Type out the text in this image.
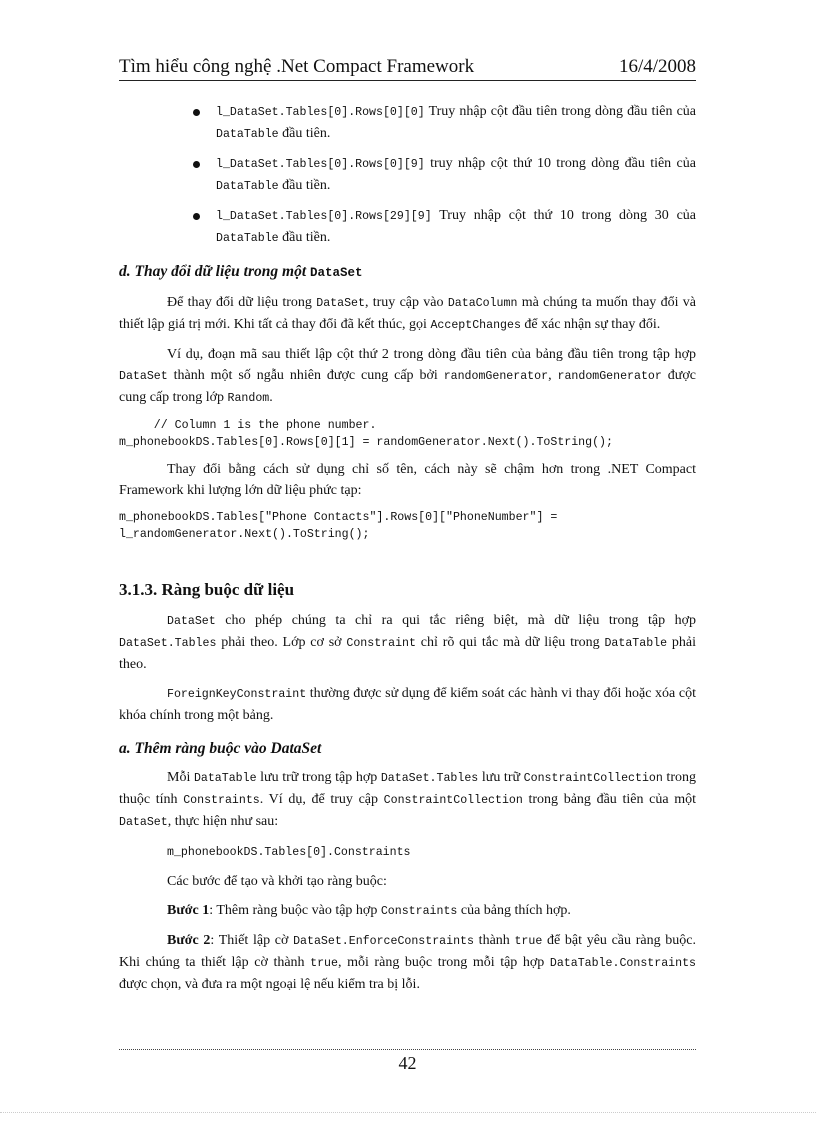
Tìm hiểu công nghệ .Net Compact Framework	16/4/2008
l_DataSet.Tables[0].Rows[0][0] Truy nhập cột đầu tiên trong dòng đầu tiên của DataTable đầu tiên.
l_DataSet.Tables[0].Rows[0][9] truy nhập cột thứ 10 trong dòng đầu tiên của DataTable đầu tiền.
l_DataSet.Tables[0].Rows[29][9] Truy nhập cột thứ 10 trong dòng 30 của DataTable đầu tiền.
d. Thay đổi dữ liệu trong một DataSet

Để thay đổi dữ liệu trong DataSet, truy cập vào DataColumn mà chúng ta muốn thay đổi và thiết lập giá trị mới. Khi tất cả thay đổi đã kết thúc, gọi AcceptChanges để xác nhận sự thay đổi.

Ví dụ, đoạn mã sau thiết lập cột thứ 2 trong dòng đầu tiên của bảng đầu tiên trong tập hợp DataSet thành một số ngẫu nhiên được cung cấp bởi randomGenerator, randomGenerator được cung cấp trong lớp Random.

// Column 1 is the phone number.
m_phonebookDS.Tables[0].Rows[0][1] = randomGenerator.Next().ToString();

Thay đổi bằng cách sử dụng chỉ số tên, cách này sẽ chậm hơn trong .NET Compact Framework khi lượng lớn dữ liệu phức tạp:

m_phonebookDS.Tables["Phone Contacts"].Rows[0]["PhoneNumber"] =
l_randomGenerator.Next().ToString();
3.1.3. Ràng buộc dữ liệu

DataSet cho phép chúng ta chỉ ra qui tắc riêng biệt, mà dữ liệu trong tập hợp DataSet.Tables phải theo. Lớp cơ sở Constraint chỉ rõ qui tắc mà dữ liệu trong DataTable phải theo.

ForeignKeyConstraint thường được sử dụng để kiểm soát các hành vi thay đổi hoặc xóa cột khóa chính trong một bảng.

a. Thêm ràng buộc vào DataSet

Mỗi DataTable lưu trữ trong tập hợp DataSet.Tables lưu trữ ConstraintCollection trong thuộc tính Constraints. Ví dụ, để truy cập ConstraintCollection trong bảng đầu tiên của một DataSet, thực hiện như sau:

m_phonebookDS.Tables[0].Constraints

Các bước để tạo và khởi tạo ràng buộc:

Bước 1: Thêm ràng buộc vào tập hợp Constraints của bảng thích hợp.

Bước 2: Thiết lập cờ DataSet.EnforceConstraints thành true để bật yêu cầu ràng buộc. Khi chúng ta thiết lập cờ thành true, mỗi ràng buộc trong mỗi tập hợp DataTable.Constraints được chọn, và đưa ra một ngoại lệ nếu kiểm tra bị lỗi.

42
